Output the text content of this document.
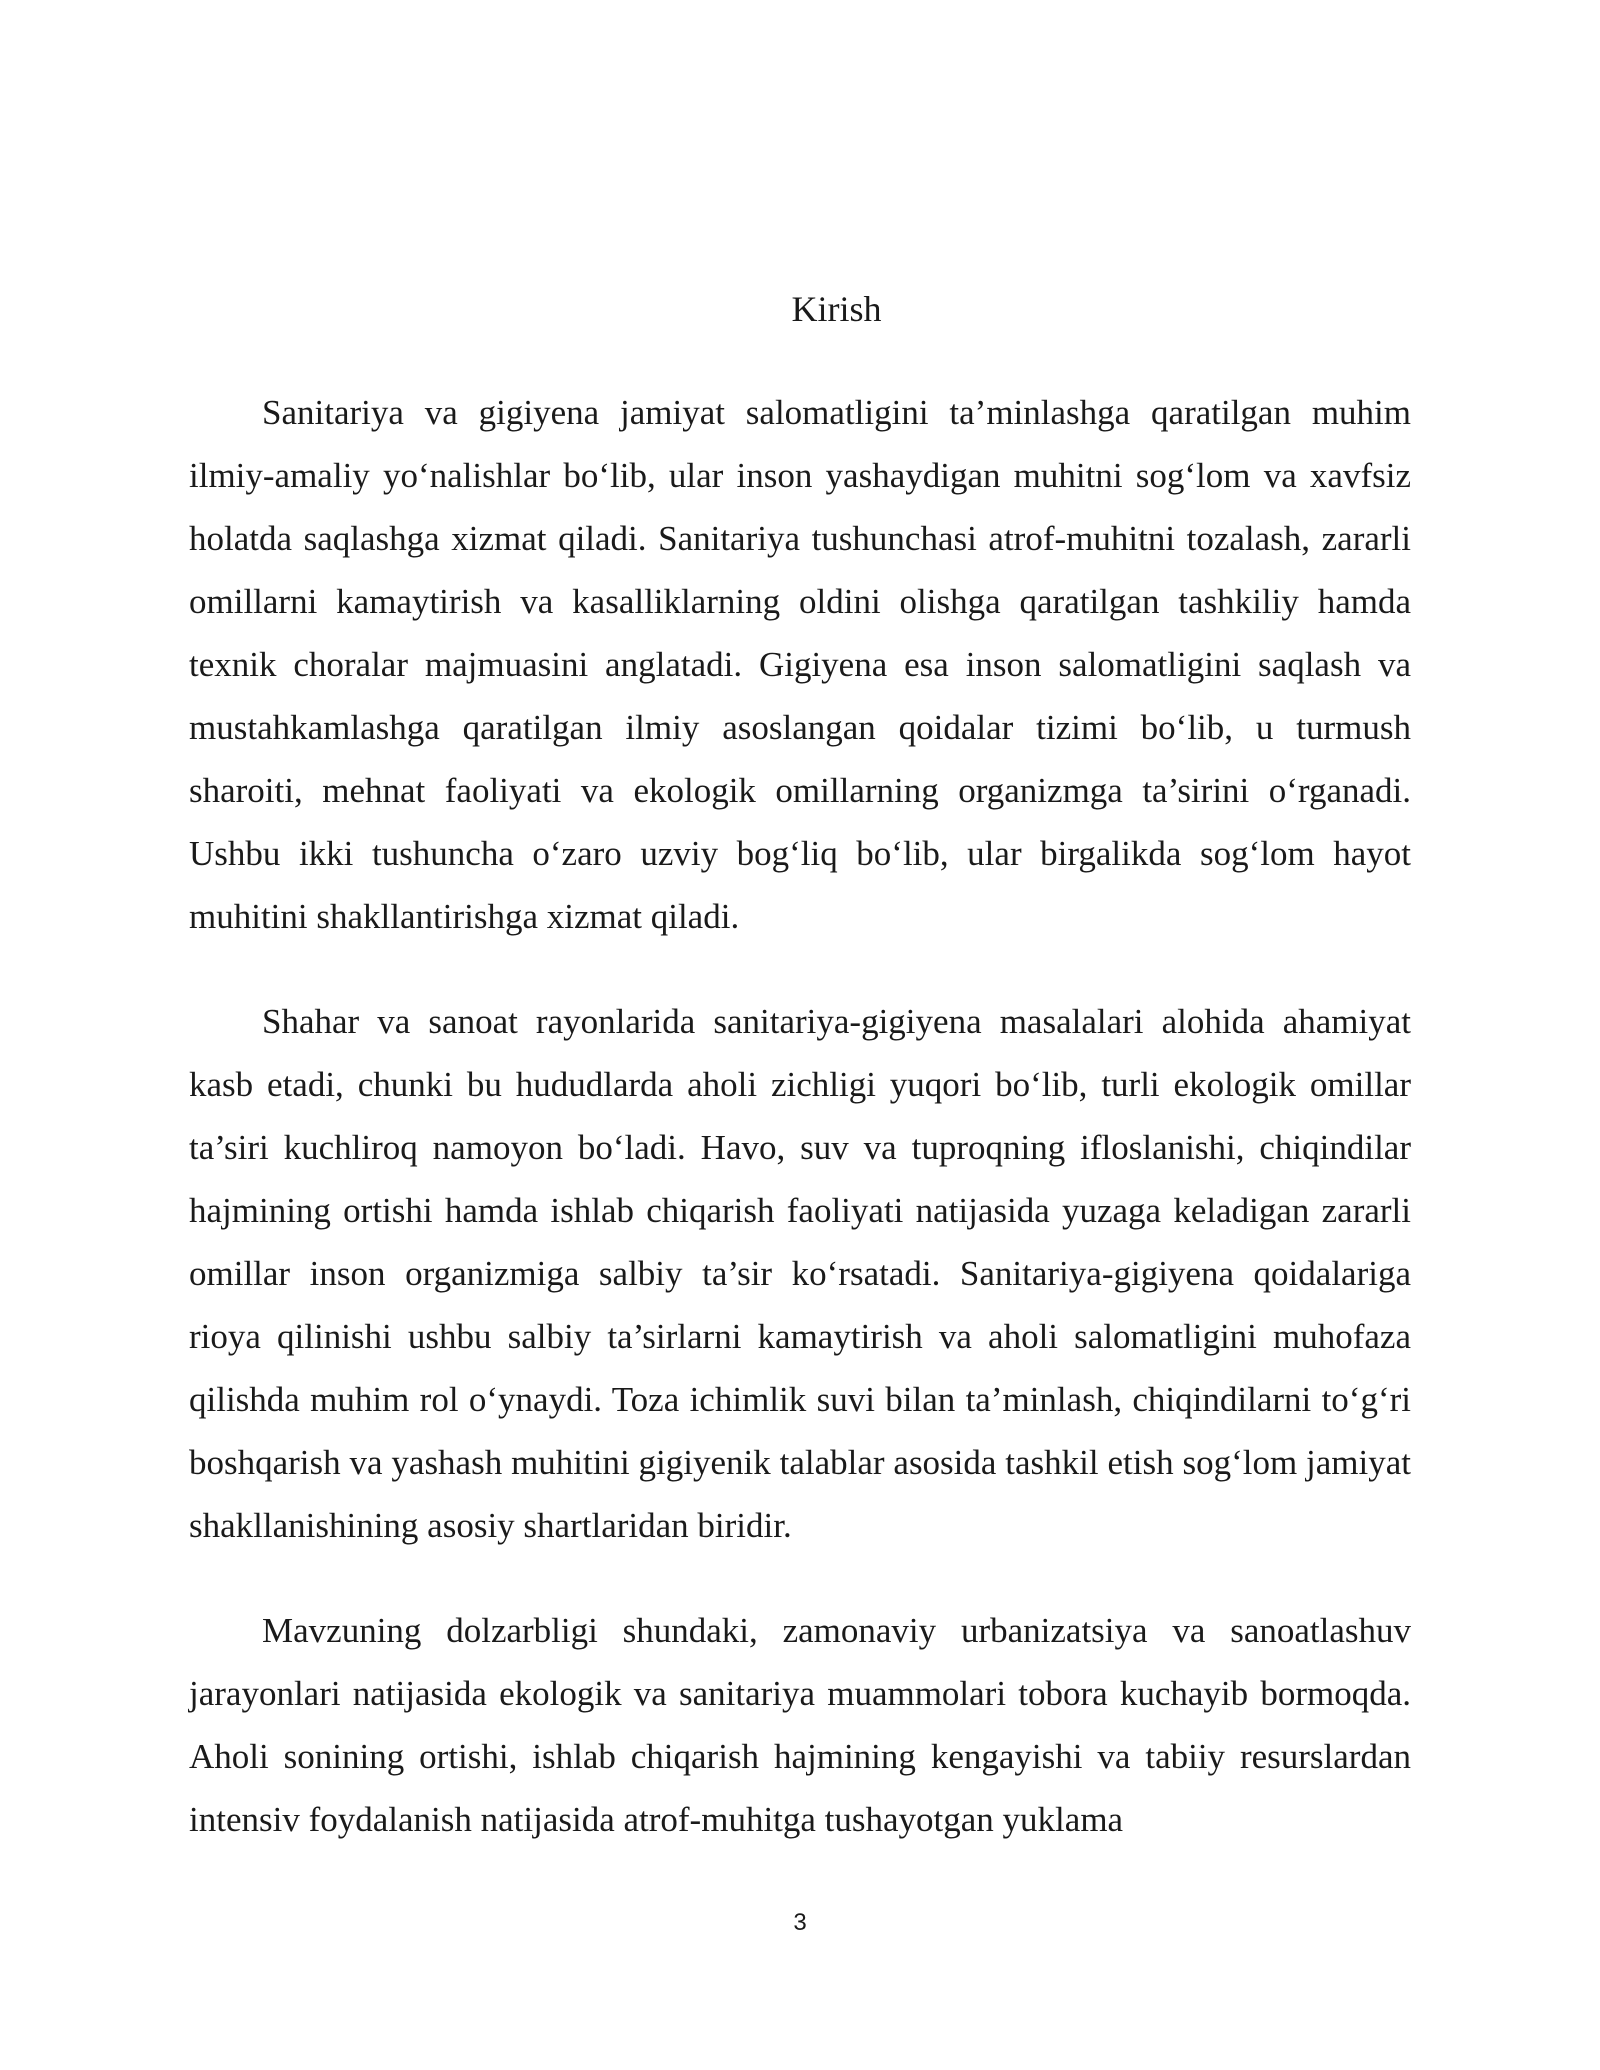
Kirish

Sanitariya va gigiyena jamiyat salomatligini ta’minlashga qaratilgan muhim ilmiy-amaliy yo‘nalishlar bo‘lib, ular inson yashaydigan muhitni sog‘lom va xavfsiz holatda saqlashga xizmat qiladi. Sanitariya tushunchasi atrof-muhitni tozalash, zararli omillarni kamaytirish va kasalliklarning oldini olishga qaratilgan tashkiliy hamda texnik choralar majmuasini anglatadi. Gigiyena esa inson salomatligini saqlash va mustahkamlashga qaratilgan ilmiy asoslangan qoidalar tizimi bo‘lib, u turmush sharoiti, mehnat faoliyati va ekologik omillarning organizmga ta’sirini o‘rganadi. Ushbu ikki tushuncha o‘zaro uzviy bog‘liq bo‘lib, ular birgalikda sog‘lom hayot muhitini shakllantirishga xizmat qiladi.

Shahar va sanoat rayonlarida sanitariya-gigiyena masalalari alohida ahamiyat kasb etadi, chunki bu hududlarda aholi zichligi yuqori bo‘lib, turli ekologik omillar ta’siri kuchliroq namoyon bo‘ladi. Havo, suv va tuproqning ifloslanishi, chiqindilar hajmining ortishi hamda ishlab chiqarish faoliyati natijasida yuzaga keladigan zararli omillar inson organizmiga salbiy ta’sir ko‘rsatadi. Sanitariya-gigiyena qoidalariga rioya qilinishi ushbu salbiy ta’sirlarni kamaytirish va aholi salomatligini muhofaza qilishda muhim rol o‘ynaydi. Toza ichimlik suvi bilan ta’minlash, chiqindilarni to‘g‘ri boshqarish va yashash muhitini gigiyenik talablar asosida tashkil etish sog‘lom jamiyat shakllanishining asosiy shartlaridan biridir.

Mavzuning dolzarbligi shundaki, zamonaviy urbanizatsiya va sanoatlashuv jarayonlari natijasida ekologik va sanitariya muammolari tobora kuchayib bormoqda. Aholi sonining ortishi, ishlab chiqarish hajmining kengayishi va tabiiy resurslardan intensiv foydalanish natijasida atrof-muhitga tushayotgan yuklama

3
